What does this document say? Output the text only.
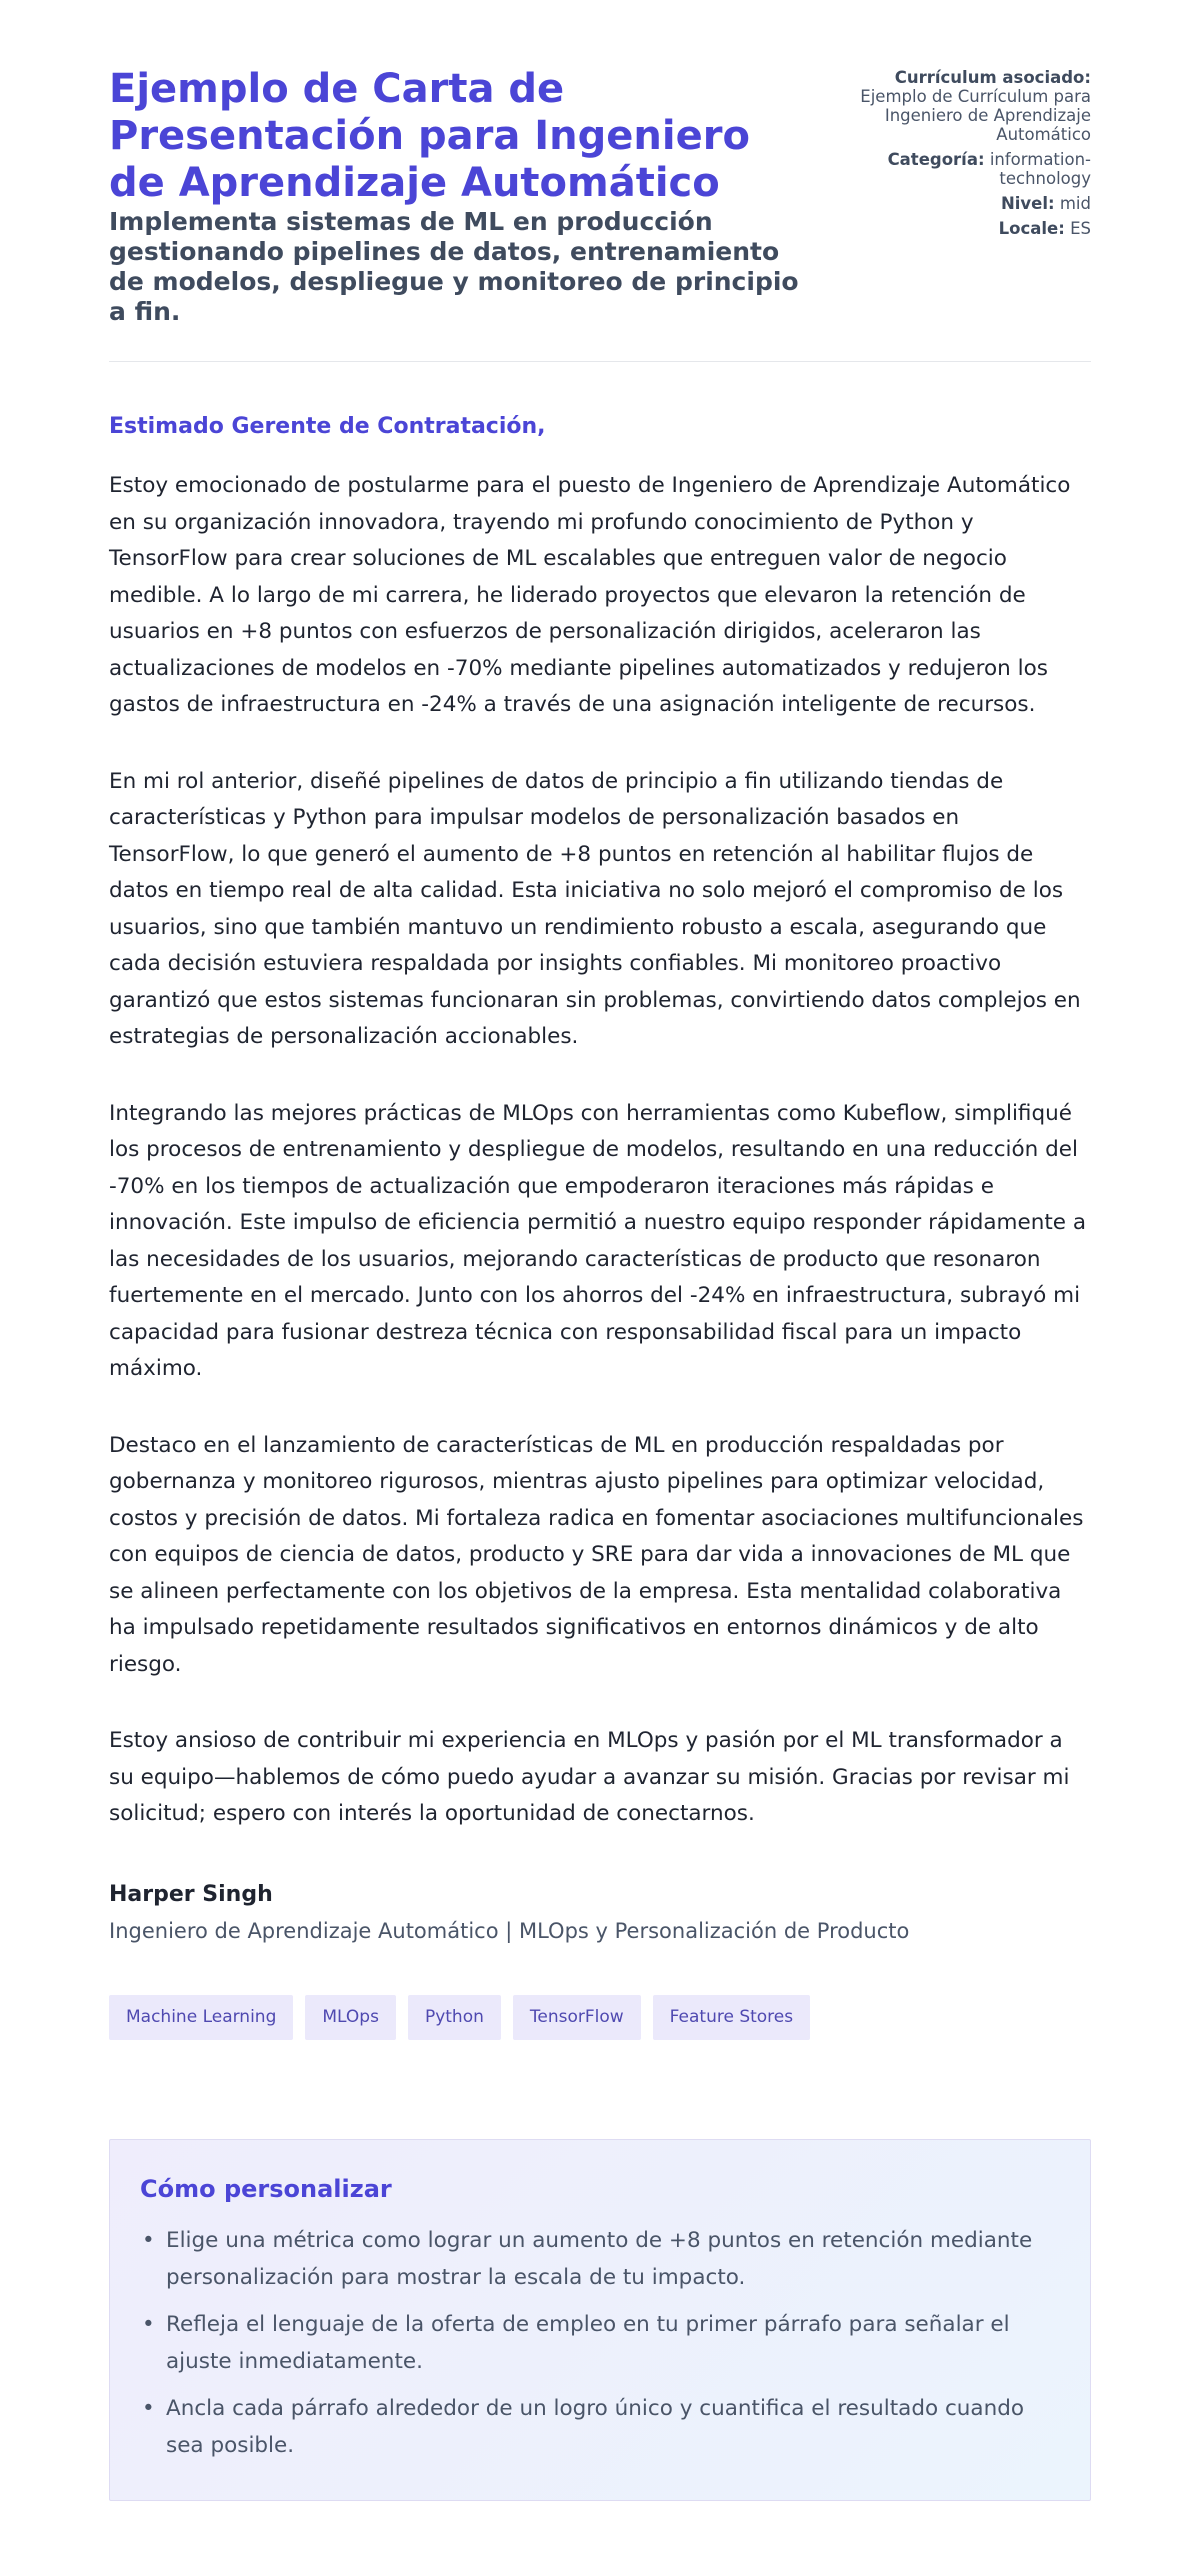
Ejemplo de Carta de Presentación para Ingeniero de Aprendizaje Automático
Implementa sistemas de ML en producción gestionando pipelines de datos, entrenamiento de modelos, despliegue y monitoreo de principio a fin.
Currículum asociado:
Ejemplo de Currículum para Ingeniero de Aprendizaje Automático
Categoría: information-technology
Nivel: mid
Locale: ES

Estimado Gerente de Contratación,

Estoy emocionado de postularme para el puesto de Ingeniero de Aprendizaje Automático en su organización innovadora, trayendo mi profundo conocimiento de Python y TensorFlow para crear soluciones de ML escalables que entreguen valor de negocio medible. A lo largo de mi carrera, he liderado proyectos que elevaron la retención de usuarios en +8 puntos con esfuerzos de personalización dirigidos, aceleraron las actualizaciones de modelos en -70% mediante pipelines automatizados y redujeron los gastos de infraestructura en -24% a través de una asignación inteligente de recursos.

En mi rol anterior, diseñé pipelines de datos de principio a fin utilizando tiendas de características y Python para impulsar modelos de personalización basados en TensorFlow, lo que generó el aumento de +8 puntos en retención al habilitar flujos de datos en tiempo real de alta calidad. Esta iniciativa no solo mejoró el compromiso de los usuarios, sino que también mantuvo un rendimiento robusto a escala, asegurando que cada decisión estuviera respaldada por insights confiables. Mi monitoreo proactivo garantizó que estos sistemas funcionaran sin problemas, convirtiendo datos complejos en estrategias de personalización accionables.

Integrando las mejores prácticas de MLOps con herramientas como Kubeflow, simplifiqué los procesos de entrenamiento y despliegue de modelos, resultando en una reducción del -70% en los tiempos de actualización que empoderaron iteraciones más rápidas e innovación. Este impulso de eficiencia permitió a nuestro equipo responder rápidamente a las necesidades de los usuarios, mejorando características de producto que resonaron fuertemente en el mercado. Junto con los ahorros del -24% en infraestructura, subrayó mi capacidad para fusionar destreza técnica con responsabilidad fiscal para un impacto máximo.

Destaco en el lanzamiento de características de ML en producción respaldadas por gobernanza y monitoreo rigurosos, mientras ajusto pipelines para optimizar velocidad, costos y precisión de datos. Mi fortaleza radica en fomentar asociaciones multifuncionales con equipos de ciencia de datos, producto y SRE para dar vida a innovaciones de ML que se alineen perfectamente con los objetivos de la empresa. Esta mentalidad colaborativa ha impulsado repetidamente resultados significativos en entornos dinámicos y de alto riesgo.

Estoy ansioso de contribuir mi experiencia en MLOps y pasión por el ML transformador a su equipo—hablemos de cómo puedo ayudar a avanzar su misión. Gracias por revisar mi solicitud; espero con interés la oportunidad de conectarnos.

Harper Singh
Ingeniero de Aprendizaje Automático | MLOps y Personalización de Producto
Machine Learning	MLOps	Python	TensorFlow	Feature Stores
Cómo personalizar
• Elige una métrica como lograr un aumento de +8 puntos en retención mediante personalización para mostrar la escala de tu impacto.
• Refleja el lenguaje de la oferta de empleo en tu primer párrafo para señalar el ajuste inmediatamente.
• Ancla cada párrafo alrededor de un logro único y cuantifica el resultado cuando sea posible.
